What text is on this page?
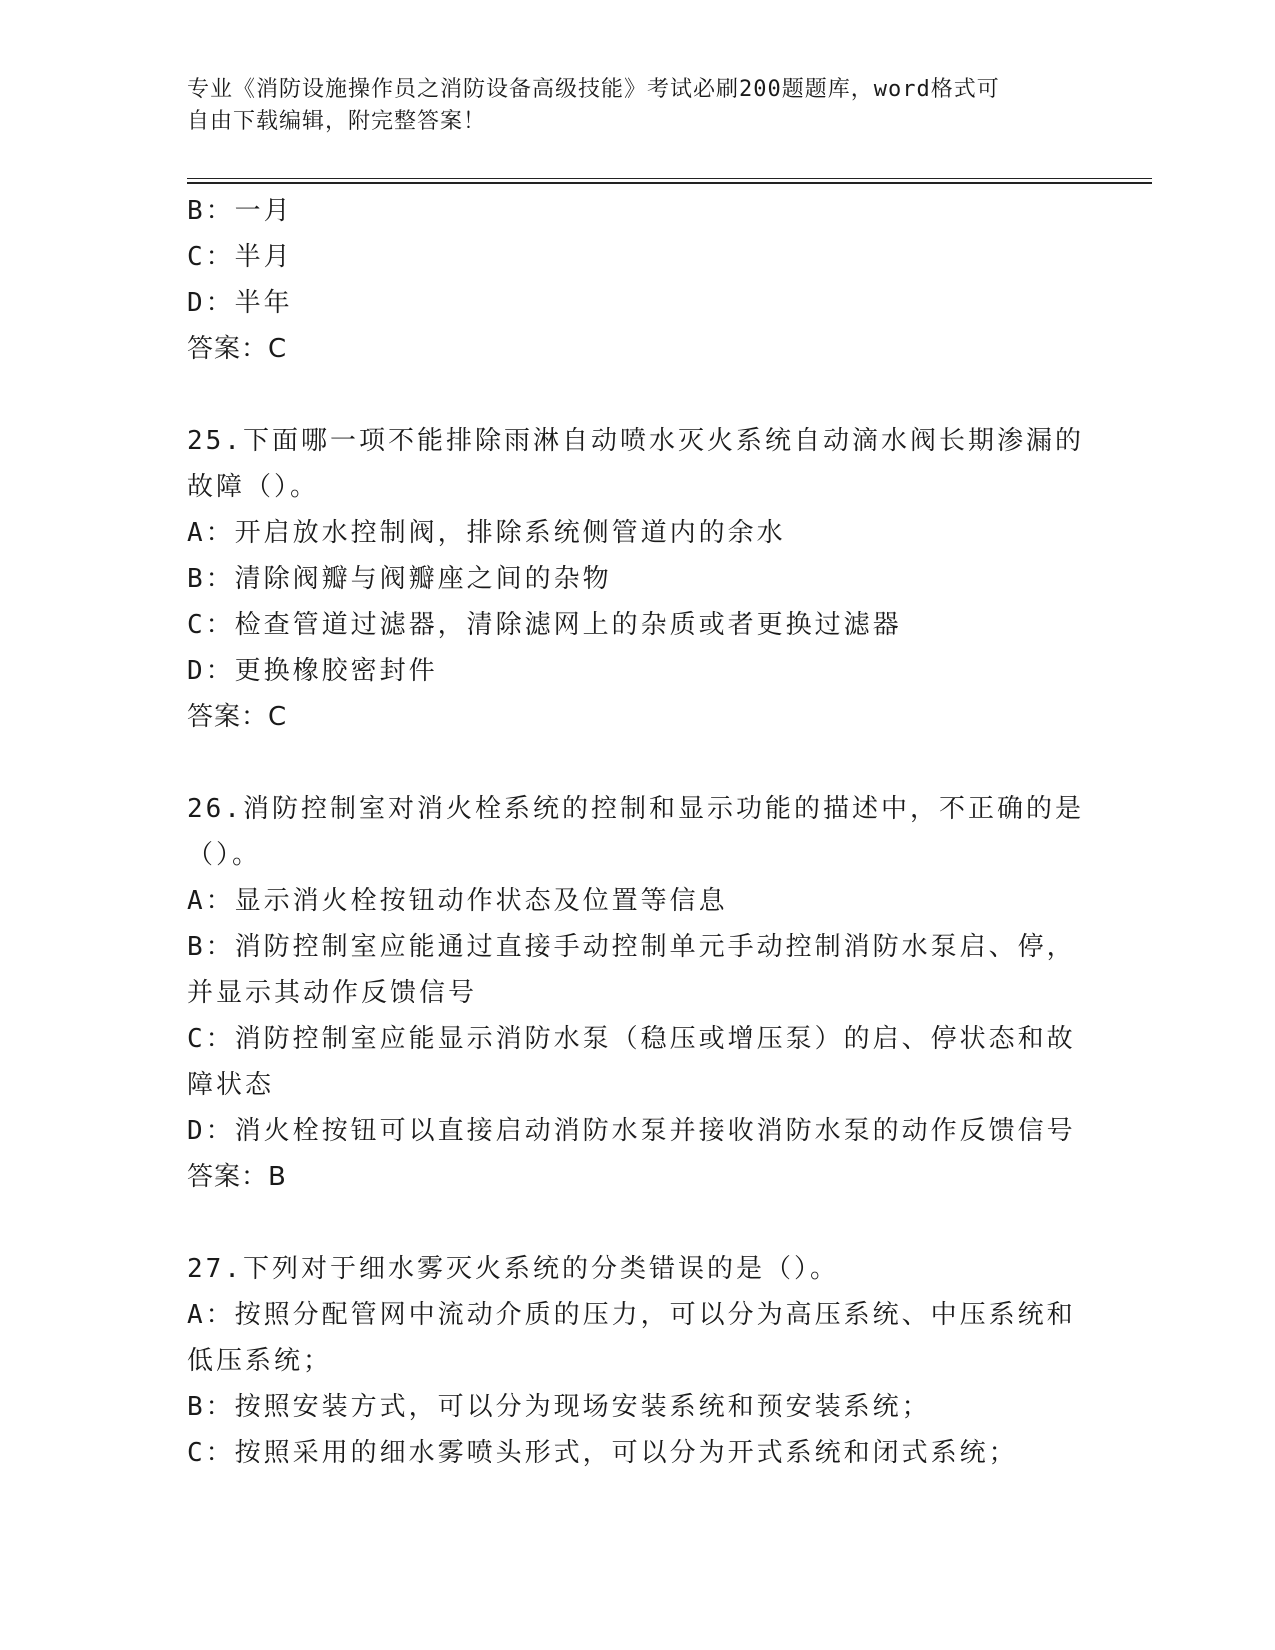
专业《消防设施操作员之消防设备高级技能》考试必刷200题题库，word格式可
自由下载编辑，附完整答案！
B：一月
C：半月
D：半年
答案：C
25.下面哪一项不能排除雨淋自动喷水灭火系统自动滴水阀长期渗漏的
故障（）。
A：开启放水控制阀，排除系统侧管道内的余水
B：清除阀瓣与阀瓣座之间的杂物
C：检查管道过滤器，清除滤网上的杂质或者更换过滤器
D：更换橡胶密封件
答案：C
26.消防控制室对消火栓系统的控制和显示功能的描述中，不正确的是
（）。
A：显示消火栓按钮动作状态及位置等信息
B：消防控制室应能通过直接手动控制单元手动控制消防水泵启、停，
并显示其动作反馈信号
C：消防控制室应能显示消防水泵（稳压或增压泵）的启、停状态和故
障状态
D：消火栓按钮可以直接启动消防水泵并接收消防水泵的动作反馈信号
答案：B
27.下列对于细水雾灭火系统的分类错误的是（）。
A：按照分配管网中流动介质的压力，可以分为高压系统、中压系统和
低压系统；
B：按照安装方式，可以分为现场安装系统和预安装系统；
C：按照采用的细水雾喷头形式，可以分为开式系统和闭式系统；
